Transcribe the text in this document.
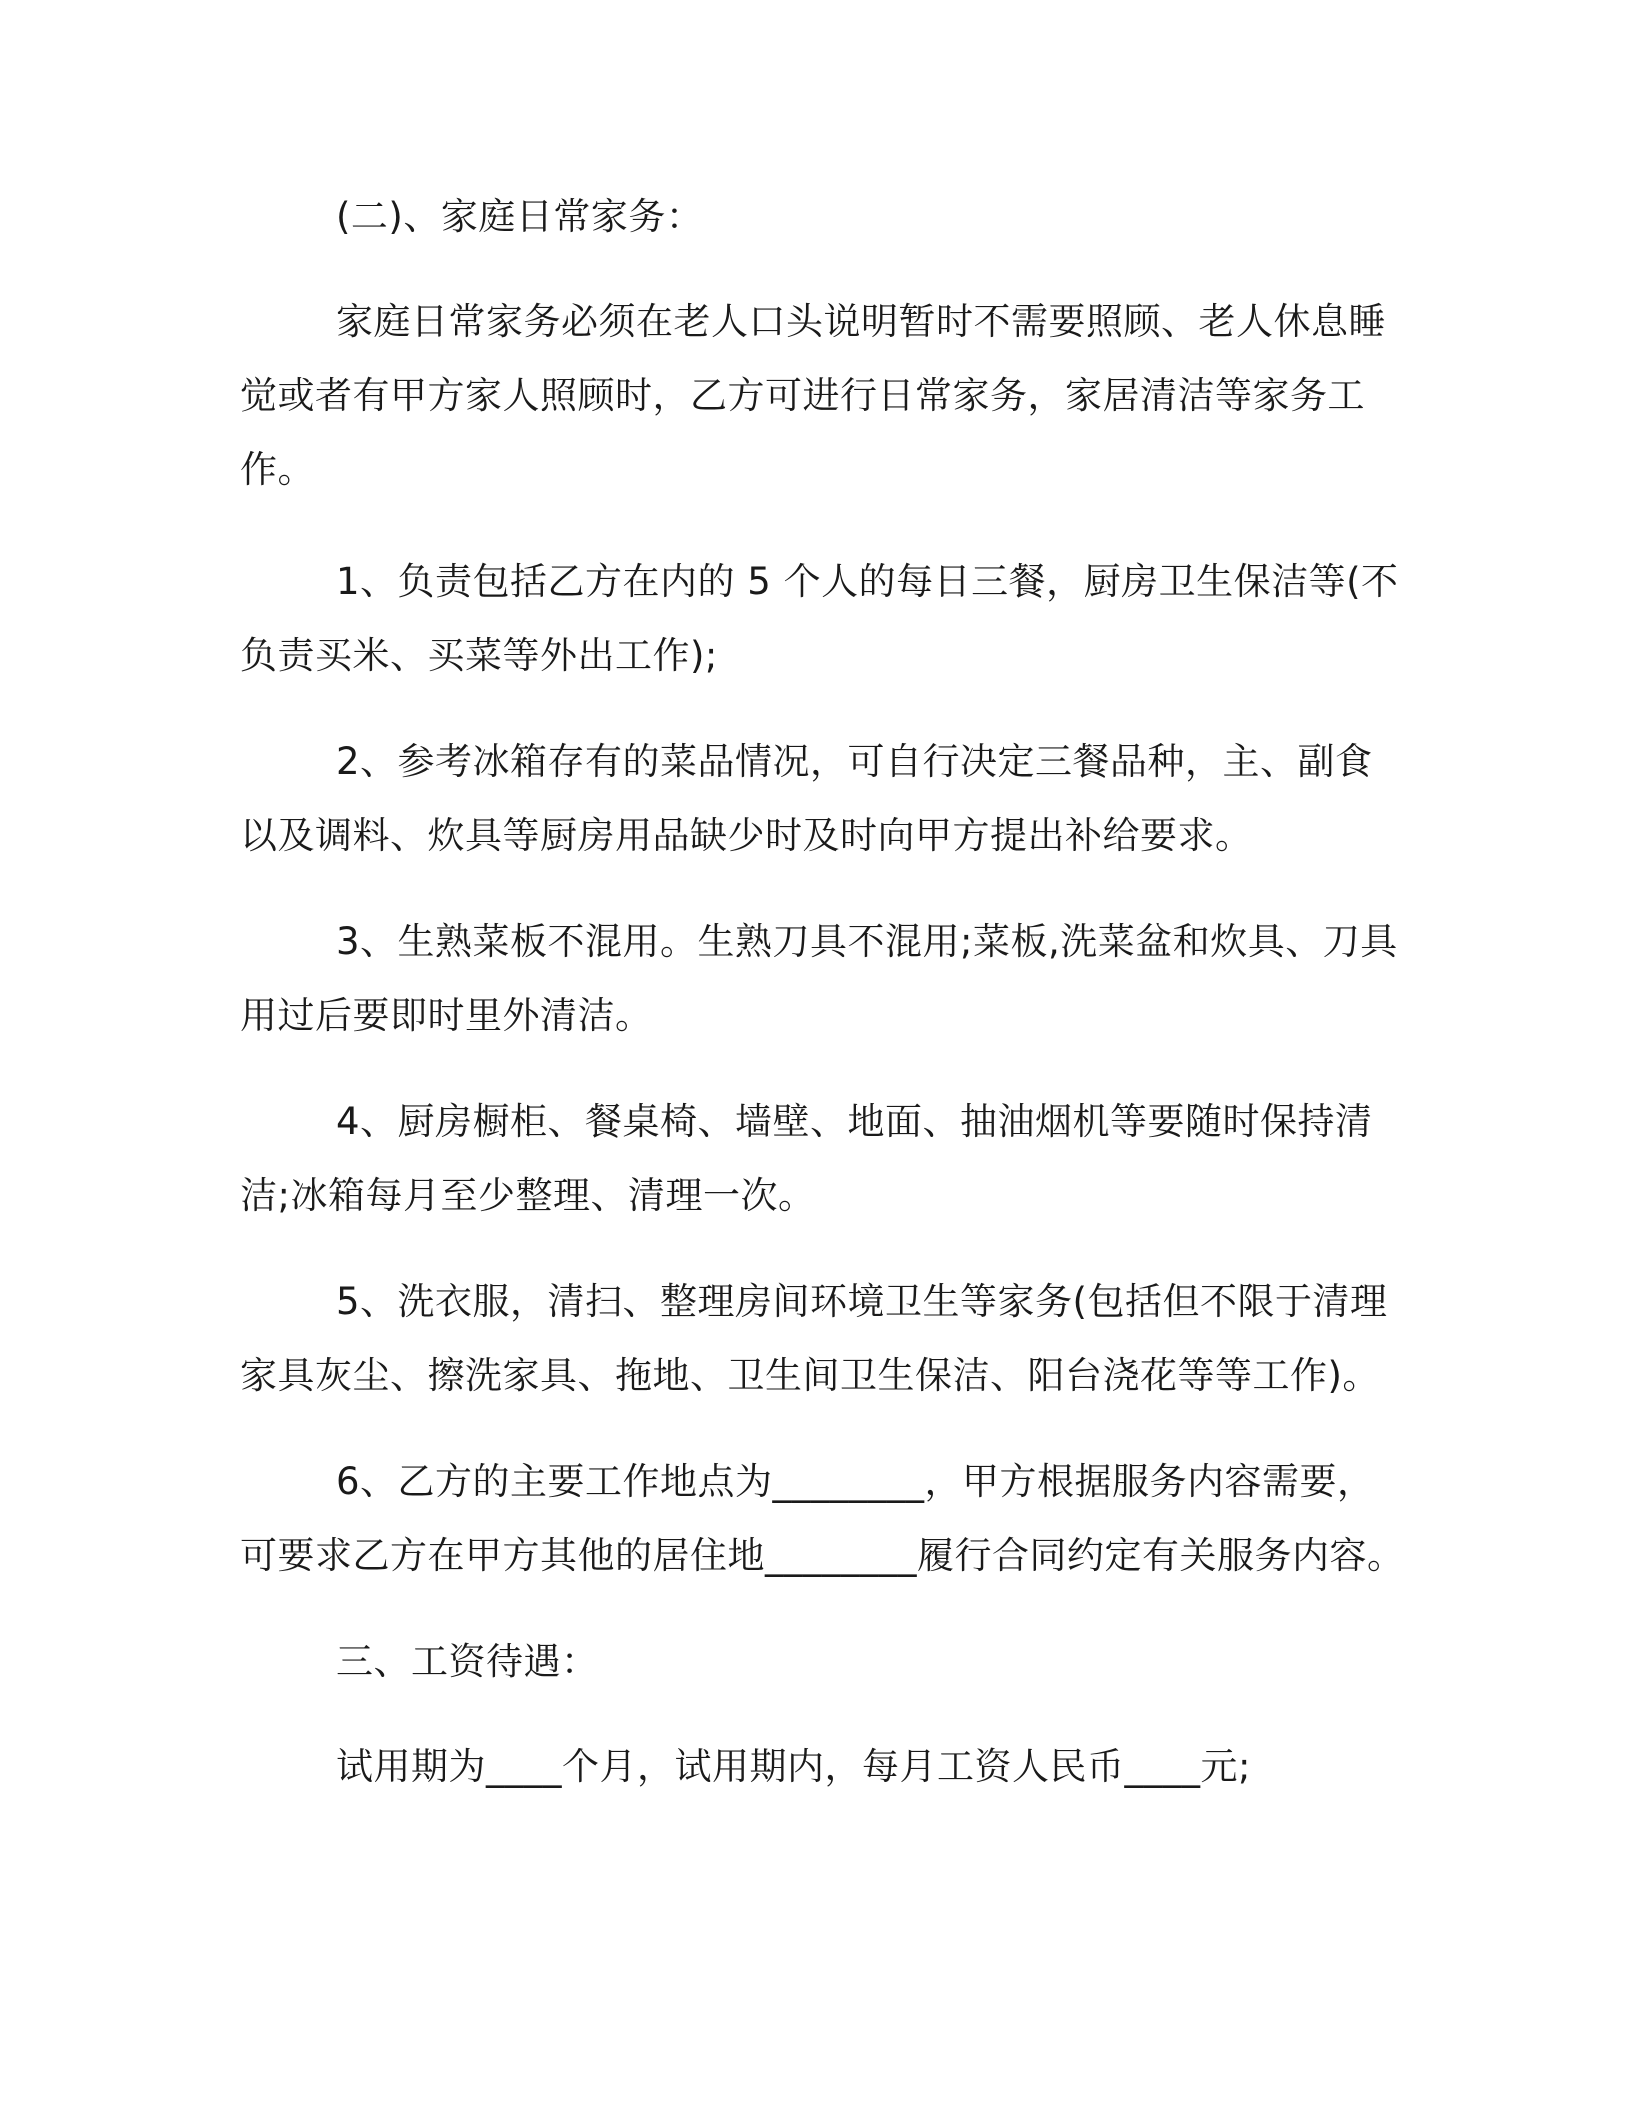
(二)、家庭日常家务：

家庭日常家务必须在老人口头说明暂时不需要照顾、老人休息睡
觉或者有甲方家人照顾时，乙方可进行日常家务，家居清洁等家务工
作。

1、负责包括乙方在内的 5 个人的每日三餐，厨房卫生保洁等(不
负责买米、买菜等外出工作);

2、参考冰箱存有的菜品情况，可自行决定三餐品种，主、副食
以及调料、炊具等厨房用品缺少时及时向甲方提出补给要求。

3、生熟菜板不混用。生熟刀具不混用;菜板,洗菜盆和炊具、刀具
用过后要即时里外清洁。

4、厨房橱柜、餐桌椅、墙壁、地面、抽油烟机等要随时保持清
洁;冰箱每月至少整理、清理一次。

5、洗衣服，清扫、整理房间环境卫生等家务(包括但不限于清理
家具灰尘、擦洗家具、拖地、卫生间卫生保洁、阳台浇花等等工作)。

6、乙方的主要工作地点为________，甲方根据服务内容需要，
可要求乙方在甲方其他的居住地________履行合同约定有关服务内容。

三、工资待遇：

试用期为____个月，试用期内，每月工资人民币____元;
